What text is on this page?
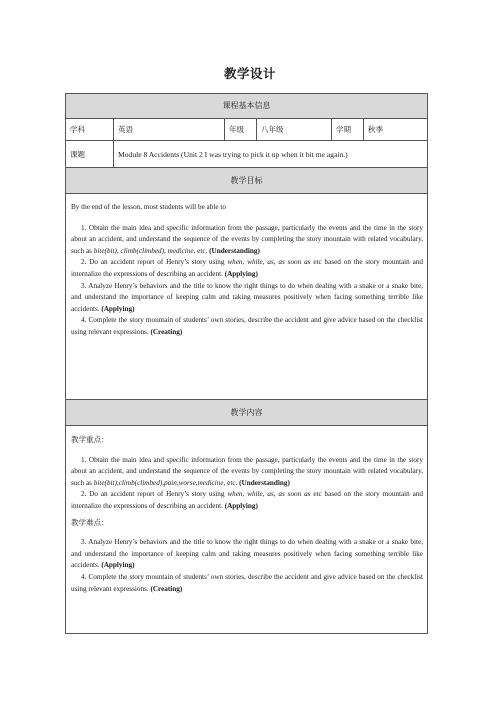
教学设计
课程基本信息
学科	英语	年级	八年级	学期	秋季
课题	Module 8 Accidents (Unit 2 I was trying to pick it up when it bit me again.)
教学目标

By the end of the lesson, most students will be able to

1. Obtain the main idea and specific information from the passage, particularly the events and the time in the story about an accident, and understand the sequence of the events by completing the story mountain with related vocabulary, such as bite(bit), climb(climbed), medicine, etc. (Understanding)

2. Do an accident report of Henry’s story using when, while, as, as soon as etc based on the story mountain and internalize the expressions of describing an accident. (Applying)

3. Analyze Henry’s behaviors and the title to know the right things to do when dealing with a snake or a snake bite, and understand the importance of keeping calm and taking measures positively when facing something terrible like accidents. (Applying)

4. Complete the story mountain of students’ own stories, describe the accident and give advice based on the checklist using relevant expressions. (Creating)

教学内容

教学重点：

1. Obtain the main idea and specific information from the passage, particularly the events and the time in the story about an accident, and understand the sequence of the events by completing the story mountain with related vocabulary, such as bite(bit),climb(climbed),pain,worse,medicine, etc. (Understanding)

2. Do an accident report of Henry’s story using when, while, as, as soon as etc based on the story mountain and internalize the expressions of describing an accident. (Applying)

教学难点：

3. Analyze Henry’s behaviors and the title to know the right things to do when dealing with a snake or a snake bite, and understand the importance of keeping calm and taking measures positively when facing something terrible like accidents. (Applying)

4. Complete the story mountain of students’ own stories, describe the accident and give advice based on the checklist using relevant expressions. (Creating)
